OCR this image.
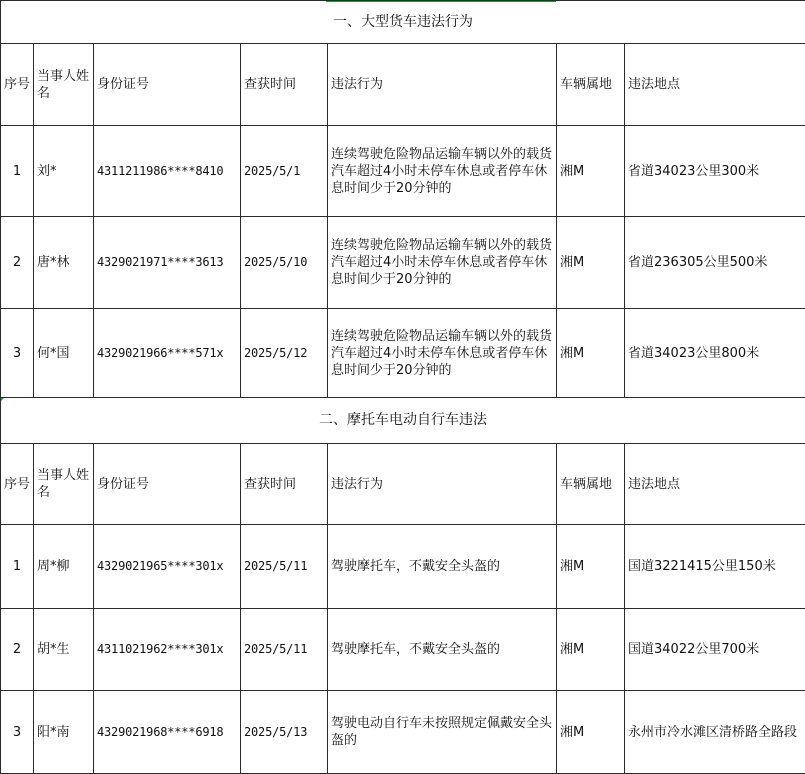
一、大型货车违法行为						
序号	当事人姓名	身份证号	查获时间	违法行为	车辆属地	违法地点
1	刘*	4311211986****8410	2025/5/1	连续驾驶危险物品运输车辆以外的载货汽车超过4小时未停车休息或者停车休息时间少于20分钟的	湘M	省道34023公里300米
2	唐*林	4329021971****3613	2025/5/10	连续驾驶危险物品运输车辆以外的载货汽车超过4小时未停车休息或者停车休息时间少于20分钟的	湘M	省道236305公里500米
3	何*国	4329021966****571x	2025/5/12	连续驾驶危险物品运输车辆以外的载货汽车超过4小时未停车休息或者停车休息时间少于20分钟的	湘M	省道34023公里800米
二、摩托车电动自行车违法						
序号	当事人姓名	身份证号	查获时间	违法行为	车辆属地	违法地点
1	周*柳	4329021965****301x	2025/5/11	驾驶摩托车，不戴安全头盔的	湘M	国道3221415公里150米
2	胡*生	4311021962****301x	2025/5/11	驾驶摩托车，不戴安全头盔的	湘M	国道34022公里700米
3	阳*南	4329021968****6918	2025/5/13	驾驶电动自行车未按照规定佩戴安全头盔的	湘M	永州市冷水滩区清桥路全路段
